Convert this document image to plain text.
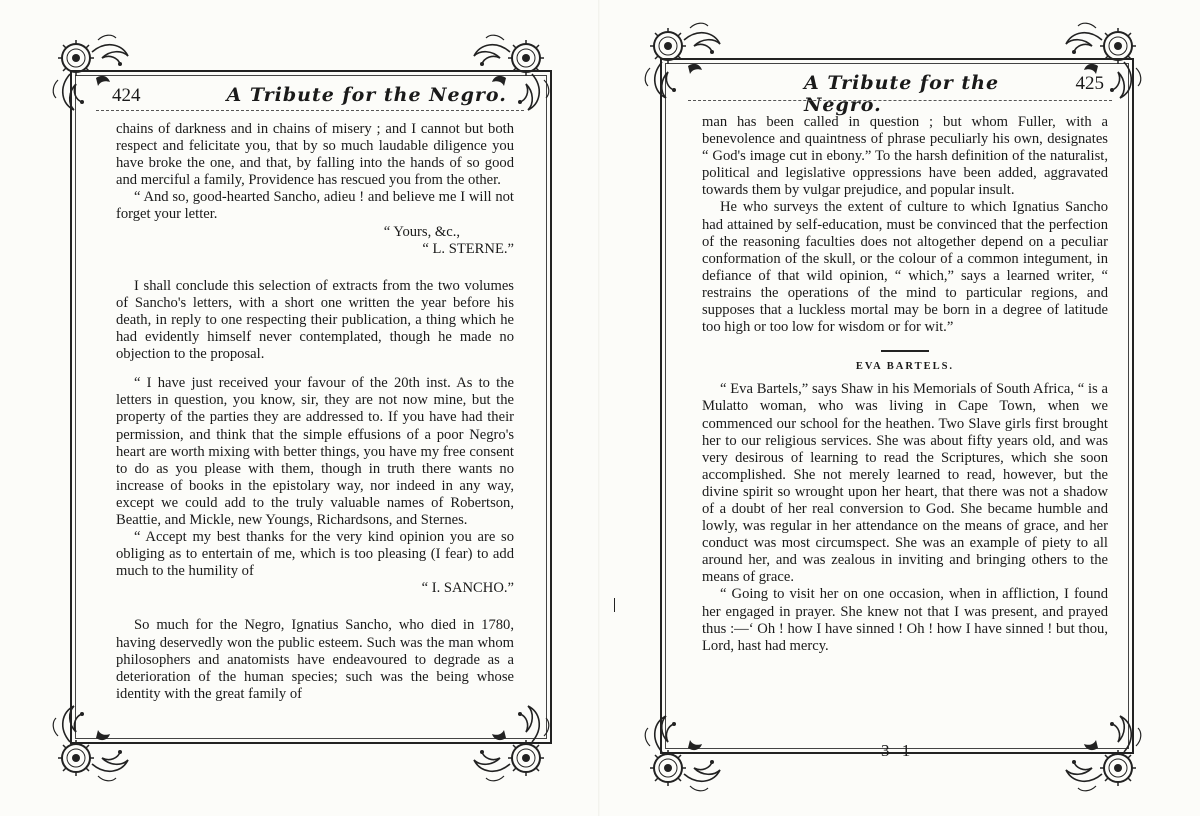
424	A Tribute for the Negro.

chains of darkness and in chains of misery ; and I cannot but both respect and felicitate you, that by so much laudable diligence you have broke the one, and that, by falling into the hands of so good and merciful a family, Providence has rescued you from the other.

“ And so, good-hearted Sancho, adieu ! and believe me I will not forget your letter.

“ Yours, &c.,

“ L. STERNE.”

I shall conclude this selection of extracts from the two volumes of Sancho's letters, with a short one written the year before his death, in reply to one respecting their publication, a thing which he had evidently himself never contemplated, though he made no objection to the proposal.

“ I have just received your favour of the 20th inst. As to the letters in question, you know, sir, they are not now mine, but the property of the parties they are addressed to. If you have had their permission, and think that the simple effusions of a poor Negro's heart are worth mixing with better things, you have my free consent to do as you please with them, though in truth there wants no increase of books in the epistolary way, nor indeed in any way, except we could add to the truly valuable names of Robertson, Beattie, and Mickle, new Youngs, Richardsons, and Sternes.

“ Accept my best thanks for the very kind opinion you are so obliging as to entertain of me, which is too pleasing (I fear) to add much to the humility of

“ I. SANCHO.”

So much for the Negro, Ignatius Sancho, who died in 1780, having deservedly won the public esteem. Such was the man whom philosophers and anatomists have endeavoured to degrade as a deterioration of the human species; such was the being whose identity with the great family of

A Tribute for the Negro.
425

man has been called in question ; but whom Fuller, with a benevolence and quaintness of phrase peculiarly his own, designates “ God's image cut in ebony.” To the harsh definition of the naturalist, political and legislative oppressions have been added, aggravated towards them by vulgar prejudice, and popular insult.

He who surveys the extent of culture to which Ignatius Sancho had attained by self-education, must be convinced that the perfection of the reasoning faculties does not altogether depend on a peculiar conformation of the skull, or the colour of a common integument, in defiance of that wild opinion, “ which,” says a learned writer, “ restrains the operations of the mind to particular regions, and supposes that a luckless mortal may be born in a degree of latitude too high or too low for wisdom or for wit.”

EVA BARTELS.

“ Eva Bartels,” says Shaw in his Memorials of South Africa, “ is a Mulatto woman, who was living in Cape Town, when we commenced our school for the heathen. Two Slave girls first brought her to our religious services. She was about fifty years old, and was very desirous of learning to read the Scriptures, which she soon accomplished. She not merely learned to read, however, but the divine spirit so wrought upon her heart, that there was not a shadow of a doubt of her real conversion to God. She became humble and lowly, was regular in her attendance on the means of grace, and her conduct was most circumspect. She was an example of piety to all around her, and was zealous in inviting and bringing others to the means of grace.

“ Going to visit her on one occasion, when in affliction, I found her engaged in prayer. She knew not that I was present, and prayed thus :—‘ Oh ! how I have sinned ! Oh ! how I have sinned ! but thou, Lord, hast had mercy.

3 1
